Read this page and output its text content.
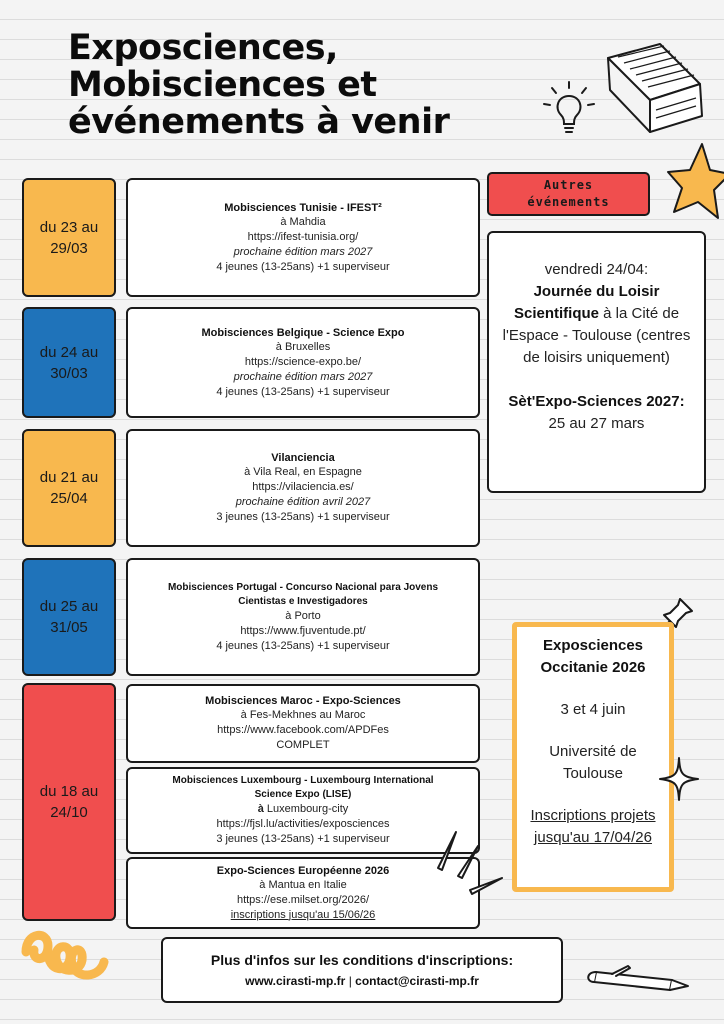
Exposciences,
Mobisciences et
événements à venir
du 23 au
29/03
du 24 au
30/03
du 21 au
25/04
du 25 au
31/05
du 18 au
24/10
Mobisciences Tunisie - IFEST²
à Mahdia
https://ifest-tunisia.org/
prochaine édition mars 2027
4 jeunes (13-25ans) +1 superviseur
Mobisciences Belgique - Science Expo
à Bruxelles
https://science-expo.be/
prochaine édition mars 2027
4 jeunes (13-25ans) +1 superviseur
Vilanciencia
à Vila Real, en Espagne
https://vilaciencia.es/
prochaine édition avril 2027
3 jeunes (13-25ans) +1 superviseur
Mobisciences Portugal - Concurso Nacional para Jovens
Cientistas e Investigadores
à Porto
https://www.fjuventude.pt/
4 jeunes (13-25ans) +1 superviseur
Mobisciences Maroc - Expo-Sciences
à Fes-Mekhnes au Maroc
https://www.facebook.com/APDFes
COMPLET
Mobisciences Luxembourg - Luxembourg International
Science Expo (LISE)
à Luxembourg-city
https://fjsl.lu/activities/exposciences
3 jeunes (13-25ans) +1 superviseur
Expo-Sciences Européenne 2026
à Mantua en Italie
https://ese.milset.org/2026/
inscriptions jusqu'au 15/06/26
Autres
événements
vendredi 24/04:
Journée du Loisir Scientifique à la Cité de l'Espace - Toulouse (centres de loisirs uniquement)
Sèt'Expo-Sciences 2027:
25 au 27 mars
Exposciences
Occitanie 2026
3 et 4 juin
Université de Toulouse
Inscriptions projets jusqu'au 17/04/26
Plus d'infos sur les conditions d'inscriptions:
www.cirasti-mp.fr | contact@cirasti-mp.fr
